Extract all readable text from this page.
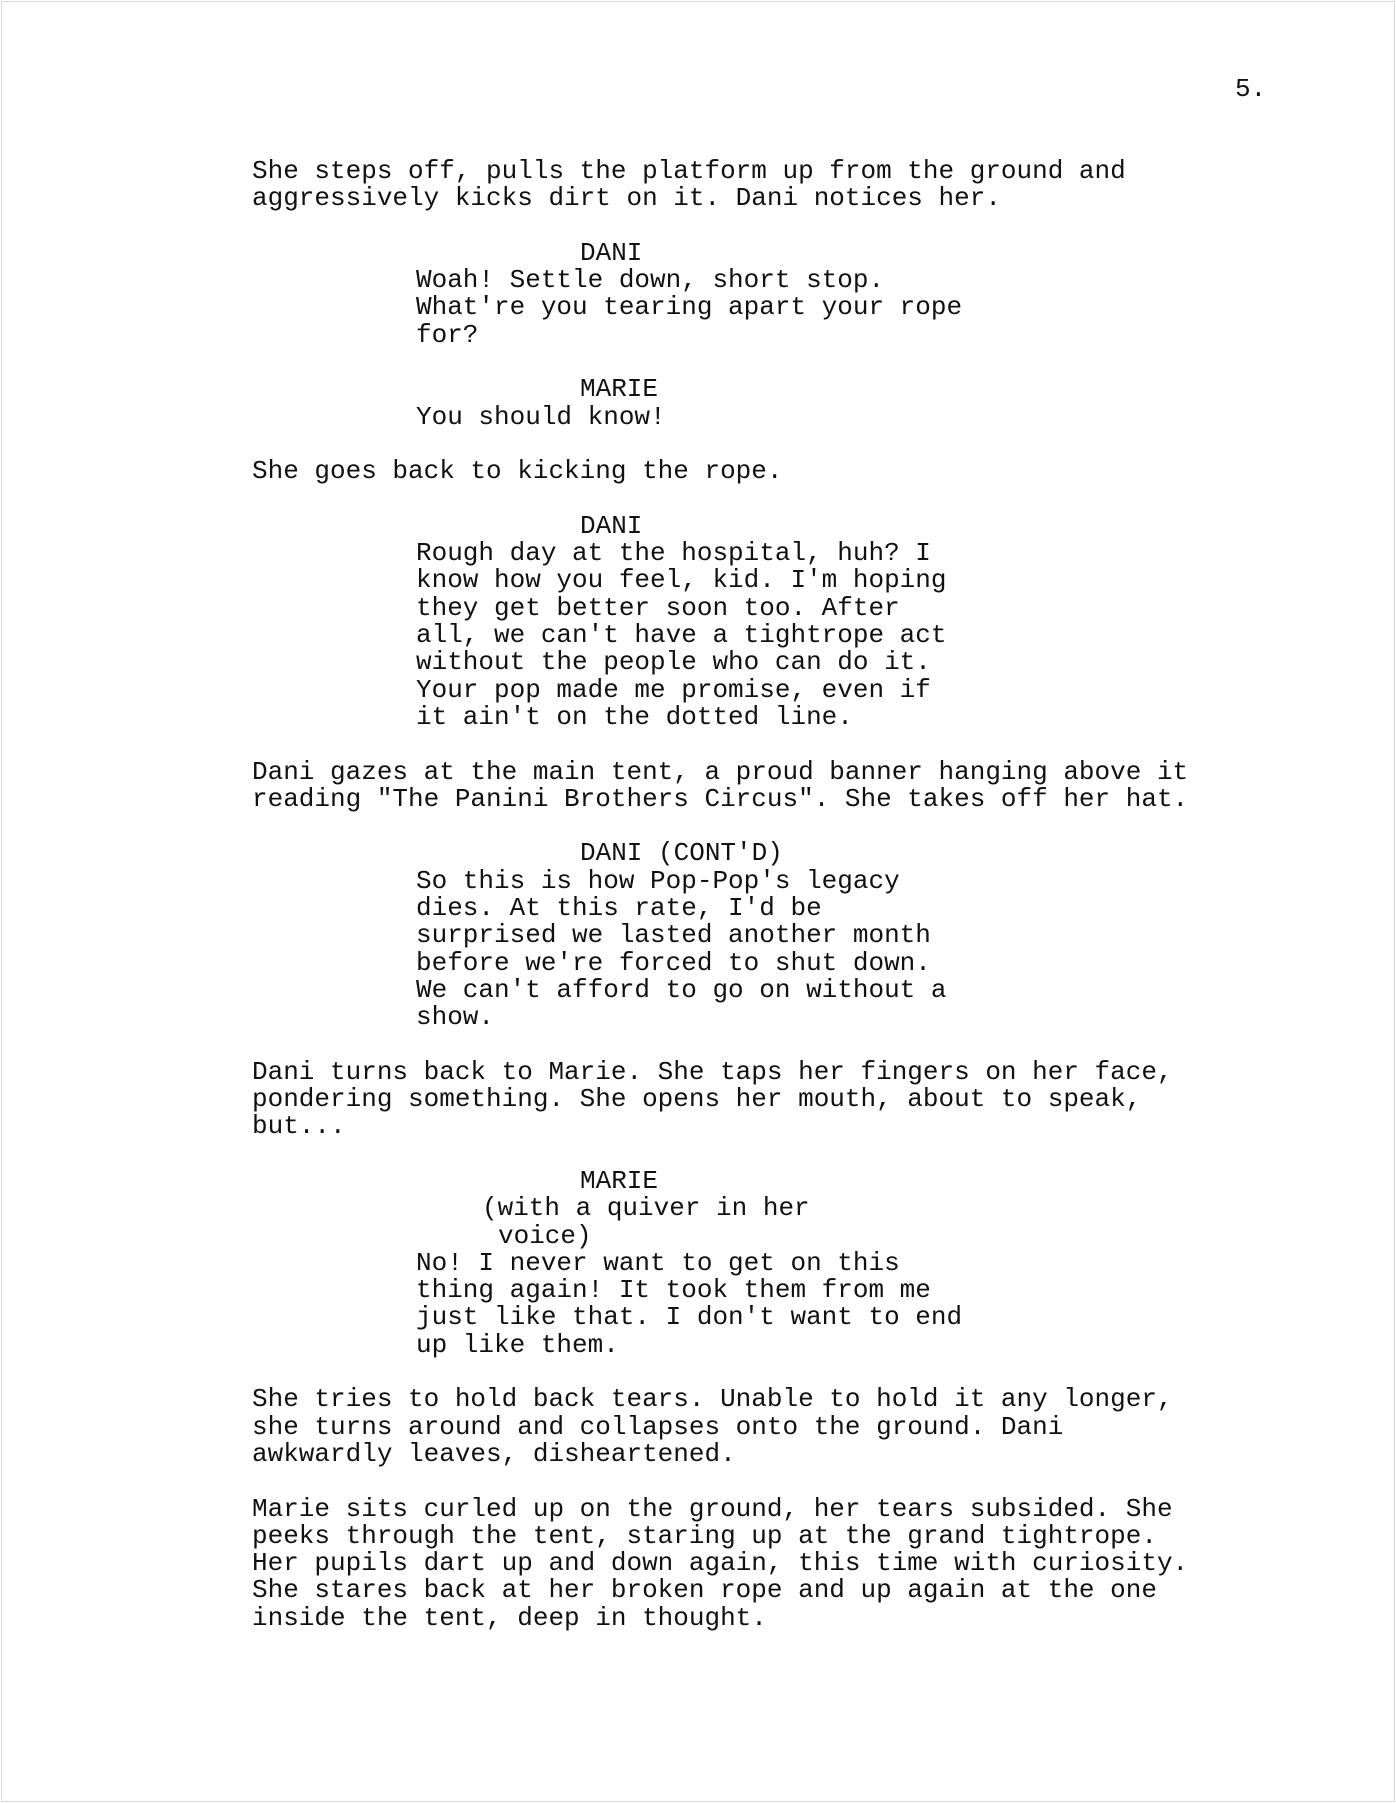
5.
She steps off, pulls the platform up from the ground and
aggressively kicks dirt on it. Dani notices her.
DANI
Woah! Settle down, short stop.
What're you tearing apart your rope
for?
MARIE
You should know!
She goes back to kicking the rope.
DANI
Rough day at the hospital, huh? I
know how you feel, kid. I'm hoping
they get better soon too. After
all, we can't have a tightrope act
without the people who can do it.
Your pop made me promise, even if
it ain't on the dotted line.
Dani gazes at the main tent, a proud banner hanging above it
reading "The Panini Brothers Circus". She takes off her hat.
DANI (CONT'D)
So this is how Pop-Pop's legacy
dies. At this rate, I'd be
surprised we lasted another month
before we're forced to shut down.
We can't afford to go on without a
show.
Dani turns back to Marie. She taps her fingers on her face,
pondering something. She opens her mouth, about to speak,
but...
MARIE
(with a quiver in her
voice)
No! I never want to get on this
thing again! It took them from me
just like that. I don't want to end
up like them.
She tries to hold back tears. Unable to hold it any longer,
she turns around and collapses onto the ground. Dani
awkwardly leaves, disheartened.
Marie sits curled up on the ground, her tears subsided. She
peeks through the tent, staring up at the grand tightrope.
Her pupils dart up and down again, this time with curiosity.
She stares back at her broken rope and up again at the one
inside the tent, deep in thought.
